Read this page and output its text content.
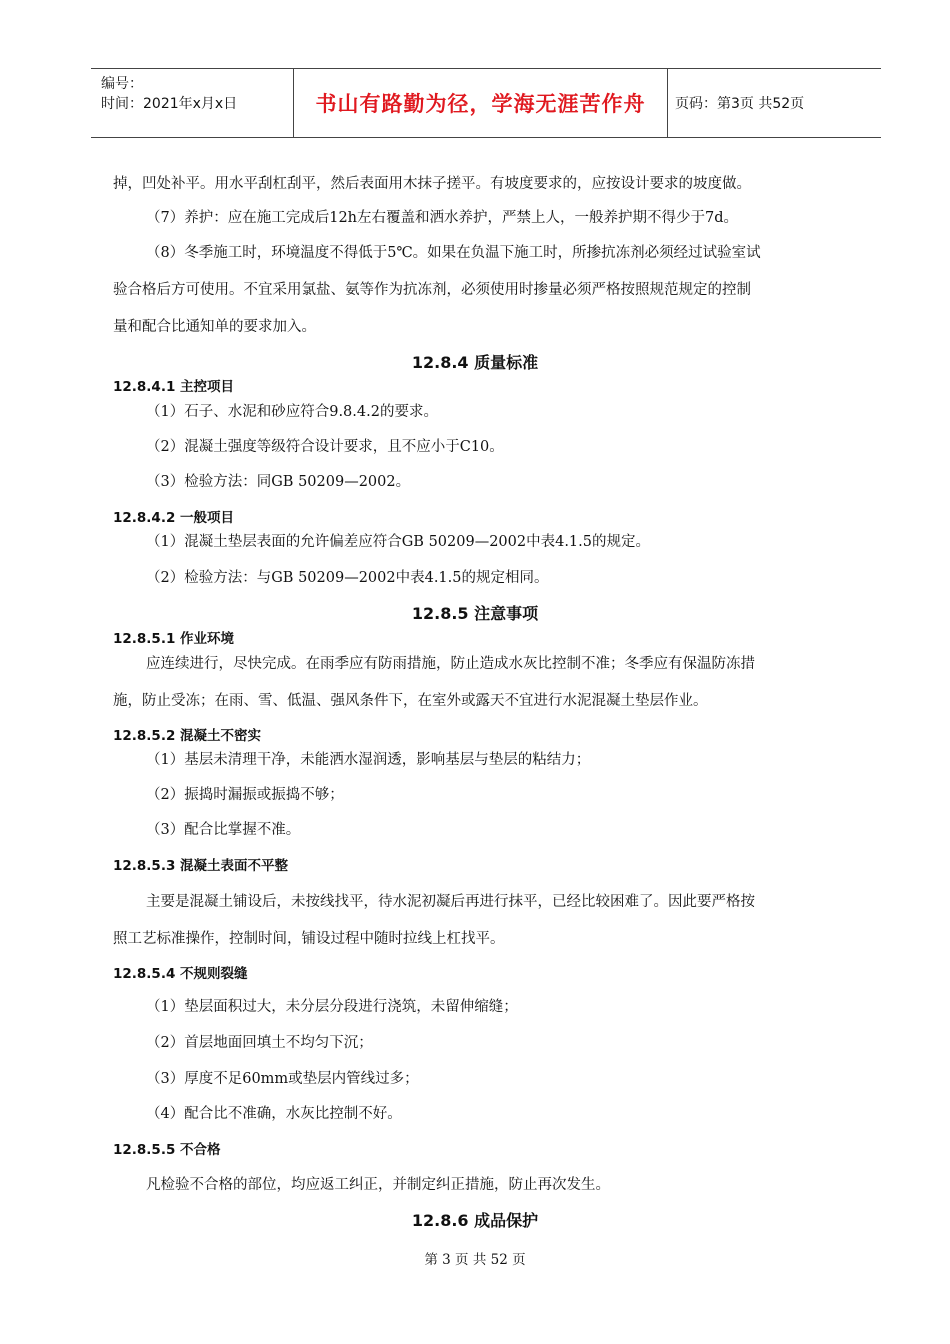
编号：
时间：2021年x月x日	书山有路勤为径，学海无涯苦作舟 页码：第3页 共52页
掉，凹处补平。用水平刮杠刮平，然后表面用木抹子搓平。有坡度要求的，应按设计要求的坡度做。
（7）养护：应在施工完成后12h左右覆盖和洒水养护，严禁上人，一般养护期不得少于7d。
（8）冬季施工时，环境温度不得低于5℃。如果在负温下施工时，所掺抗冻剂必须经过试验室试
验合格后方可使用。不宜采用氯盐、氨等作为抗冻剂，必须使用时掺量必须严格按照规范规定的控制
量和配合比通知单的要求加入。
12.8.4 质量标准
12.8.4.1 主控项目
（1）石子、水泥和砂应符合9.8.4.2的要求。
（2）混凝土强度等级符合设计要求，且不应小于C10。
（3）检验方法：同GB 50209—2002。
12.8.4.2 一般项目
（1）混凝土垫层表面的允许偏差应符合GB 50209—2002中表4.1.5的规定。
（2）检验方法：与GB 50209—2002中表4.1.5的规定相同。
12.8.5 注意事项
12.8.5.1 作业环境
应连续进行，尽快完成。在雨季应有防雨措施，防止造成水灰比控制不准；冬季应有保温防冻措
施，防止受冻；在雨、雪、低温、强风条件下，在室外或露天不宜进行水泥混凝土垫层作业。
12.8.5.2 混凝土不密实
（1）基层未清理干净，未能洒水湿润透，影响基层与垫层的粘结力；
（2）振捣时漏振或振捣不够；
（3）配合比掌握不准。
12.8.5.3 混凝土表面不平整
主要是混凝土铺设后，未按线找平，待水泥初凝后再进行抹平，已经比较困难了。因此要严格按
照工艺标准操作，控制时间，铺设过程中随时拉线上杠找平。
12.8.5.4 不规则裂缝
（1）垫层面积过大，未分层分段进行浇筑，未留伸缩缝；
（2）首层地面回填土不均匀下沉；
（3）厚度不足60mm或垫层内管线过多；
（4）配合比不准确，水灰比控制不好。
12.8.5.5 不合格
凡检验不合格的部位，均应返工纠正，并制定纠正措施，防止再次发生。
12.8.6 成品保护
第 3 页 共 52 页
